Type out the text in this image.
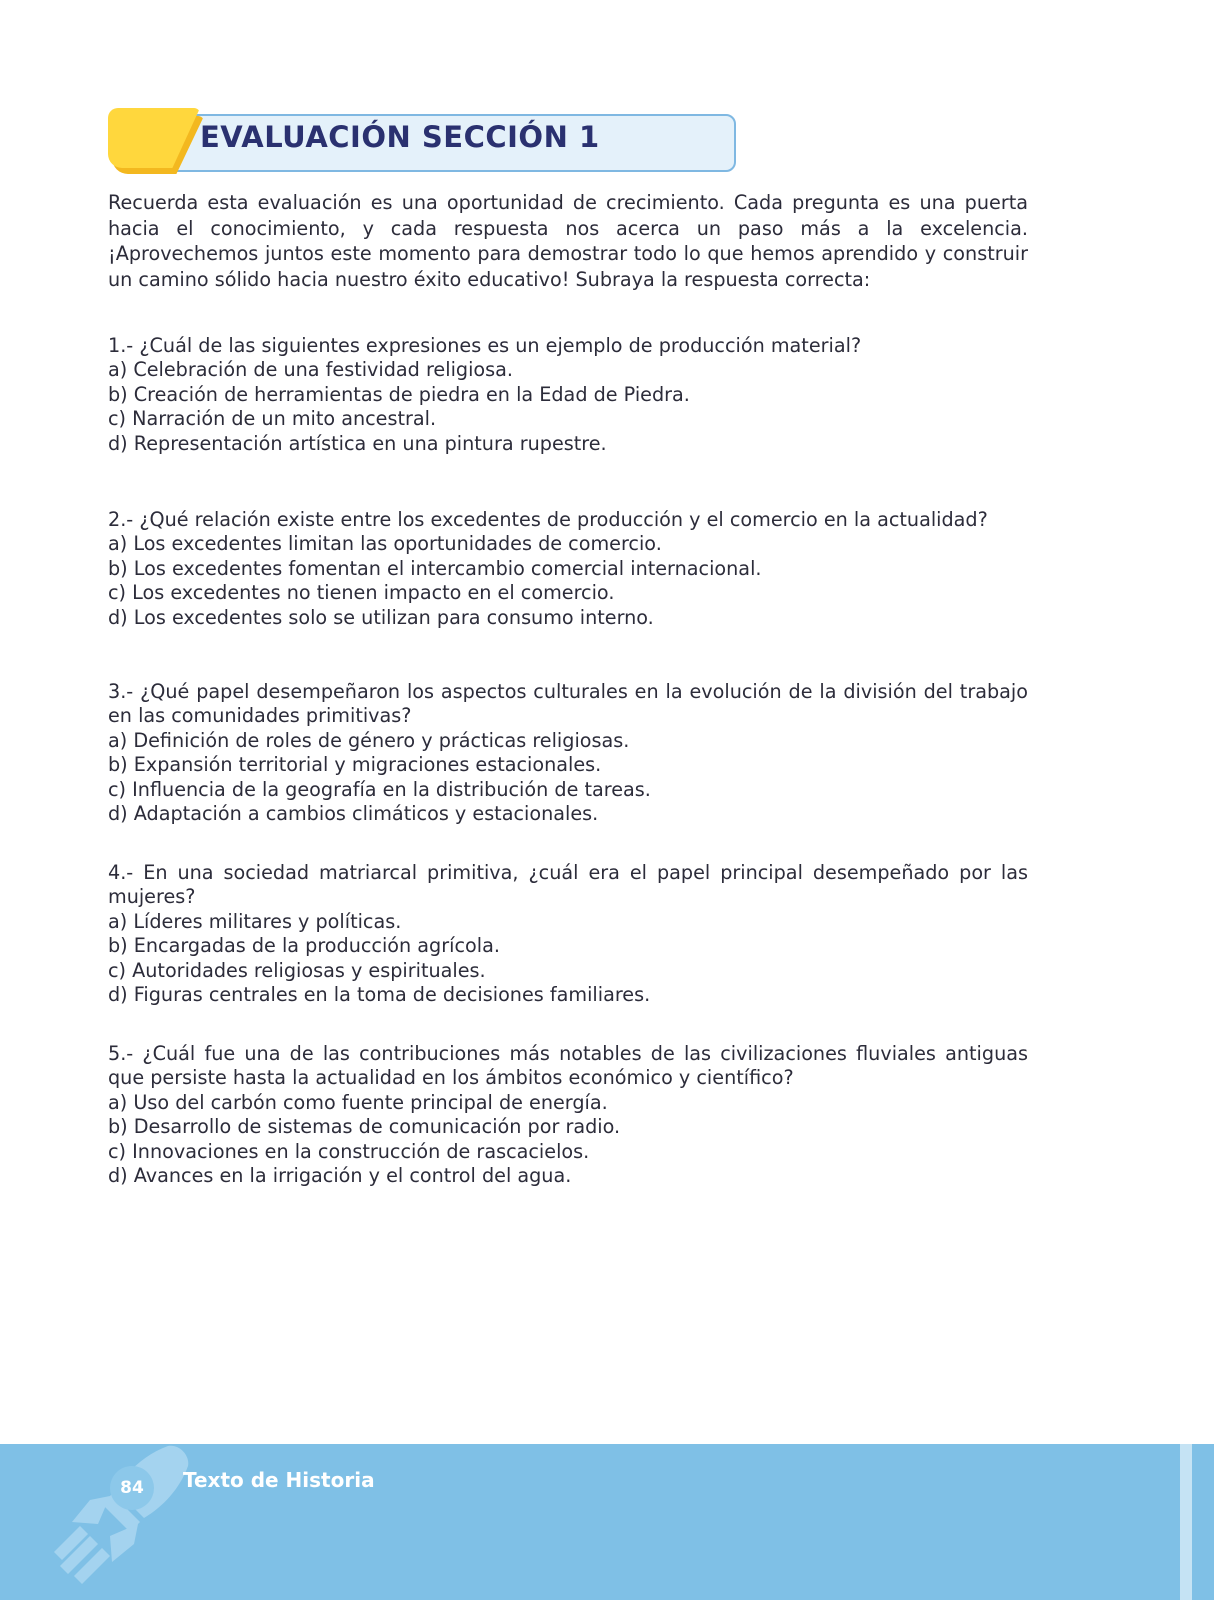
EVALUACIÓN SECCIÓN 1
Recuerda esta evaluación es una oportunidad de crecimiento. Cada pregunta es una puerta hacia el conocimiento, y cada respuesta nos acerca un paso más a la excelencia. ¡Aprovechemos juntos este momento para demostrar todo lo que hemos aprendido y construir un camino sólido hacia nuestro éxito educativo! Subraya la respuesta correcta:
1.- ¿Cuál de las siguientes expresiones es un ejemplo de producción material?
a) Celebración de una festividad religiosa.
b) Creación de herramientas de piedra en la Edad de Piedra.
c) Narración de un mito ancestral.
d) Representación artística en una pintura rupestre.
2.- ¿Qué relación existe entre los excedentes de producción y el comercio en la actualidad?
a) Los excedentes limitan las oportunidades de comercio.
b) Los excedentes fomentan el intercambio comercial internacional.
c) Los excedentes no tienen impacto en el comercio.
d) Los excedentes solo se utilizan para consumo interno.
3.- ¿Qué papel desempeñaron los aspectos culturales en la evolución de la división del trabajo en las comunidades primitivas?
a) Definición de roles de género y prácticas religiosas.
b) Expansión territorial y migraciones estacionales.
c) Influencia de la geografía en la distribución de tareas.
d) Adaptación a cambios climáticos y estacionales.
4.- En una sociedad matriarcal primitiva, ¿cuál era el papel principal desempeñado por las mujeres?
a) Líderes militares y políticas.
b) Encargadas de la producción agrícola.
c) Autoridades religiosas y espirituales.
d) Figuras centrales en la toma de decisiones familiares.
5.- ¿Cuál fue una de las contribuciones más notables de las civilizaciones fluviales antiguas que persiste hasta la actualidad en los ámbitos económico y científico?
a) Uso del carbón como fuente principal de energía.
b) Desarrollo de sistemas de comunicación por radio.
c) Innovaciones en la construcción de rascacielos.
d) Avances en la irrigación y el control del agua.
84	Texto de Historia
